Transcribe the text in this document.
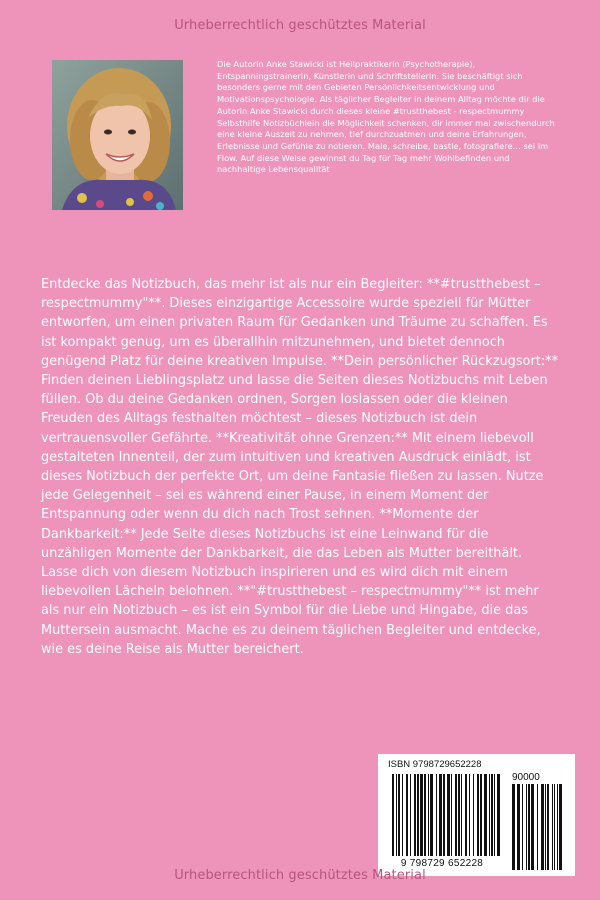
Urheberrechtlich geschütztes Material
Die Autorin Anke Stawicki ist Heilpraktikerin (Psychotherapie), Entspanningstrainerin, Künstlerin und Schriftstellerin. Sie beschäftigt sich besonders gerne mit den Gebieten Persönlichkeitsentwicklung und Motivationspsychologie. Als täglicher Begleiter in deinem Alltag möchte dir die Autorin Anke Stawicki durch dieses kleine #trustthebest - respectmummy Selbsthilfe Notizbüchlein die Möglichkeit schenken, dir immer mal zwischendurch eine kleine Auszeit zu nehmen, tief durchzuatmen und deine Erfahrungen, Erlebnisse und Gefühle zu notieren. Male, schreibe, bastle, fotografiere… sei im Flow. Auf diese Weise gewinnst du Tag für Tag mehr Wohlbefinden und nachhaltige Lebensqualität
Entdecke das Notizbuch, das mehr ist als nur ein Begleiter: **#trustthebest – respectmummy"**. Dieses einzigartige Accessoire wurde speziell für Mütter entworfen, um einen privaten Raum für Gedanken und Träume zu schaffen. Es ist kompakt genug, um es überallhin mitzunehmen, und bietet dennoch genügend Platz für deine kreativen Impulse. **Dein persönlicher Rückzugsort:** Finden deinen Lieblingsplatz und lasse die Seiten dieses Notizbuchs mit Leben füllen. Ob du deine Gedanken ordnen, Sorgen loslassen oder die kleinen Freuden des Alltags festhalten möchtest – dieses Notizbuch ist dein vertrauensvoller Gefährte. **Kreativität ohne Grenzen:** Mit einem liebevoll gestalteten Innenteil, der zum intuitiven und kreativen Ausdruck einlädt, ist dieses Notizbuch der perfekte Ort, um deine Fantasie fließen zu lassen. Nutze jede Gelegenheit – sei es während einer Pause, in einem Moment der Entspannung oder wenn du dich nach Trost sehnen. **Momente der Dankbarkeit:** Jede Seite dieses Notizbuchs ist eine Leinwand für die unzähligen Momente der Dankbarkeit, die das Leben als Mutter bereithält. Lasse dich von diesem Notizbuch inspirieren und es wird dich mit einem liebevollen Lächeln belohnen. **"#trustthebest – respectmummy"** ist mehr als nur ein Notizbuch – es ist ein Symbol für die Liebe und Hingabe, die das Muttersein ausmacht. Mache es zu deinem täglichen Begleiter und entdecke, wie es deine Reise als Mutter bereichert.
ISBN 9798729652228
90000
9 798729 652228
Urheberrechtlich geschütztes Material
